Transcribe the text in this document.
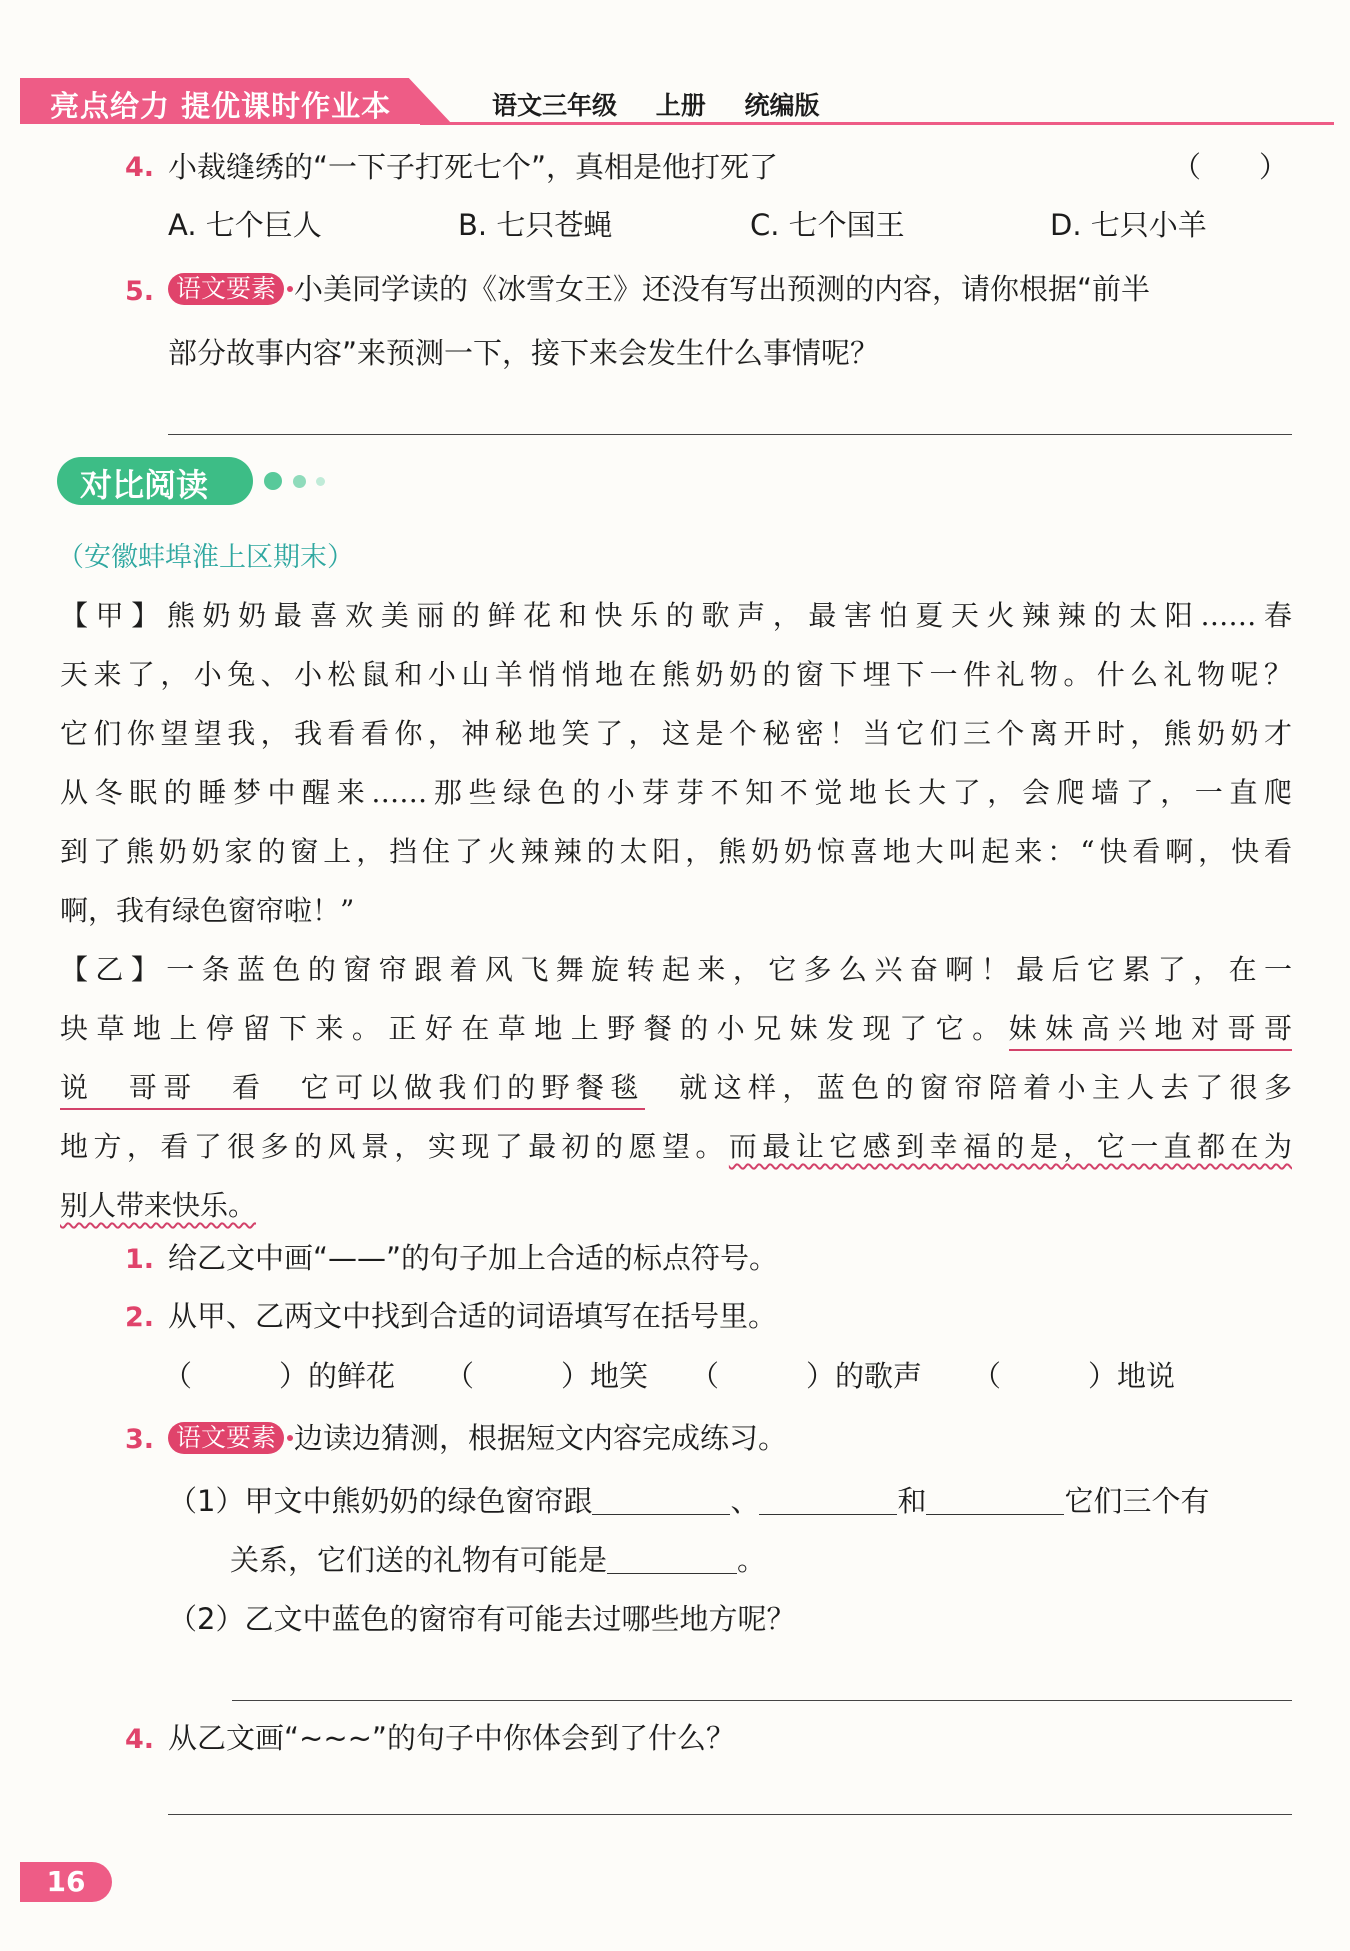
亮点给力 提优课时作业本	语文三年级 上册 统编版
4. 小裁缝绣的“一下子打死七个”，真相是他打死了	（　　）
A. 七个巨人	B. 七只苍蝇	C. 七个国王	D. 七只小羊
5. 语文要素 小美同学读的《冰雪女王》还没有写出预测的内容，请你根据“前半
部分故事内容”来预测一下，接下来会发生什么事情呢？
对比阅读
（安徽蚌埠淮上区期末）
【甲】熊奶奶最喜欢美丽的鲜花和快乐的歌声，最害怕夏天火辣辣的太阳……春
天来了，小兔、小松鼠和小山羊悄悄地在熊奶奶的窗下埋下一件礼物。什么礼物呢？
它们你望望我，我看看你，神秘地笑了，这是个秘密！当它们三个离开时，熊奶奶才
从冬眠的睡梦中醒来……那些绿色的小芽芽不知不觉地长大了，会爬墙了，一直爬
到了熊奶奶家的窗上，挡住了火辣辣的太阳，熊奶奶惊喜地大叫起来：“快看啊，快看
啊，我有绿色窗帘啦！”
【乙】一条蓝色的窗帘跟着风飞舞旋转起来，它多么兴奋啊！最后它累了，在一
块草地上停留下来。正好在草地上野餐的小兄妹发现了它。妹妹高兴地对哥哥
说　哥哥　看　它可以做我们的野餐毯　 就这样，蓝色的窗帘陪着小主人去了很多
地方，看了很多的风景，实现了最初的愿望。而最让它感到幸福的是，它一直都在为
别人带来快乐。
1. 给乙文中画“——”的句子加上合适的标点符号。
2. 从甲、乙两文中找到合适的词语填写在括号里。
（　　　）的鲜花 （　　　）地笑 （　　　）的歌声 （　　　）地说
3. 语文要素 边读边猜测，根据短文内容完成练习。
（1）甲文中熊奶奶的绿色窗帘跟	、	和	它们三个有
关系，它们送的礼物有可能是	。
（2）乙文中蓝色的窗帘有可能去过哪些地方呢？
4. 从乙文画“~~~”的句子中你体会到了什么？
16
